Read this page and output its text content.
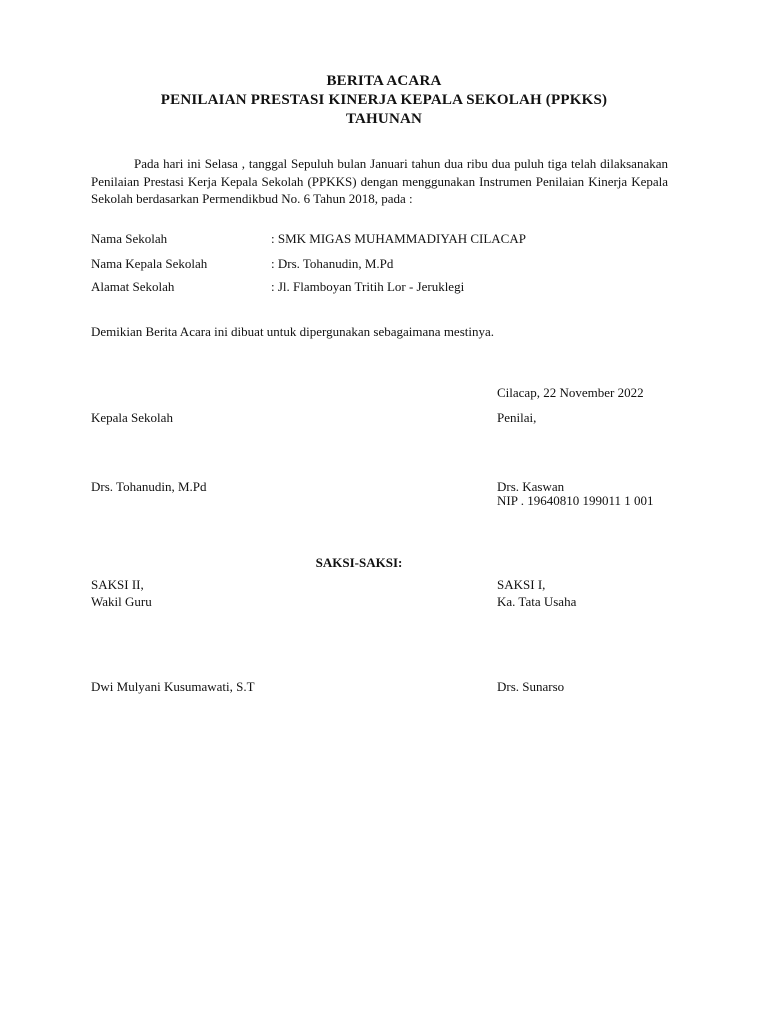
BERITA ACARA
PENILAIAN PRESTASI KINERJA KEPALA SEKOLAH (PPKKS)
TAHUNAN
Pada hari ini Selasa , tanggal Sepuluh bulan Januari tahun dua ribu dua puluh tiga telah dilaksanakan Penilaian Prestasi Kerja Kepala Sekolah (PPKKS) dengan menggunakan Instrumen Penilaian Kinerja Kepala Sekolah berdasarkan Permendikbud No. 6 Tahun 2018, pada :
Nama Sekolah	: SMK MIGAS MUHAMMADIYAH CILACAP
Nama Kepala Sekolah	: Drs. Tohanudin, M.Pd
Alamat Sekolah	: Jl. Flamboyan Tritih Lor - Jeruklegi
Demikian Berita Acara ini dibuat untuk dipergunakan sebagaimana mestinya.
Cilacap, 22 November 2022
Kepala Sekolah	Penilai,
Drs. Tohanudin, M.Pd	Drs. Kaswan
NIP . 19640810 199011 1 001
SAKSI-SAKSI:
SAKSI II,	SAKSI I,
Wakil Guru	Ka. Tata Usaha
Dwi Mulyani Kusumawati, S.T	Drs. Sunarso
